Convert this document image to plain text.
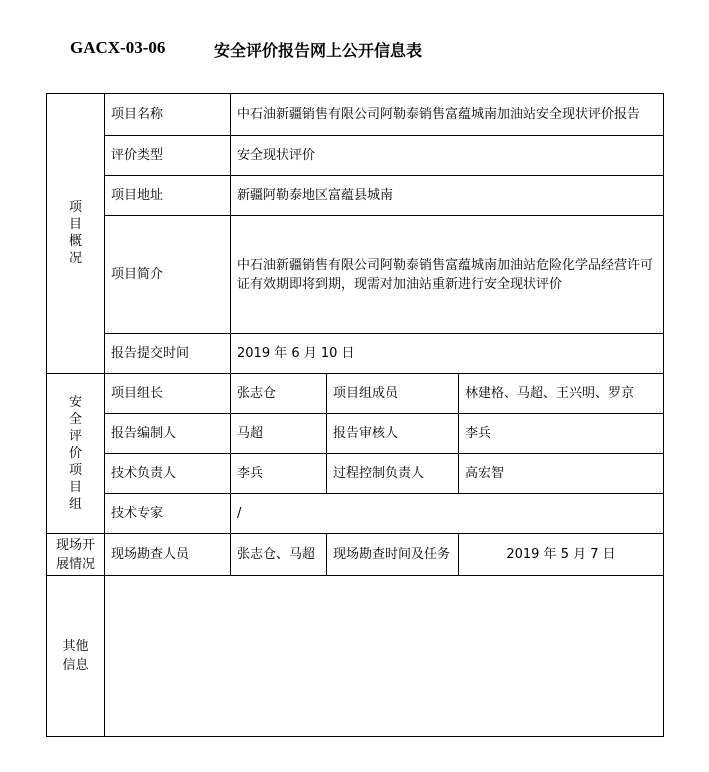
GACX-03-06	安全评价报告网上公开信息表
项目概况	项目名称	中石油新疆销售有限公司阿勒泰销售富蕴城南加油站安全现状评价报告		
	评价类型	安全现状评价		
	项目地址	新疆阿勒泰地区富蕴县城南		
	项目简介	中石油新疆销售有限公司阿勒泰销售富蕴城南加油站危险化学品经营许可证有效期即将到期，现需对加油站重新进行安全现状评价		
	报告提交时间	2019 年 6 月 10 日		
安全评价项目组	项目组长	张志仓	项目组成员	林建格、马超、王兴明、罗京
	报告编制人	马超	报告审核人	李兵
	技术负责人	李兵	过程控制负责人	高宏智
	技术专家	/		
现场开展情况	现场勘查人员	张志仓、马超	现场勘查时间及任务	2019 年 5 月 7 日
其他信息				
